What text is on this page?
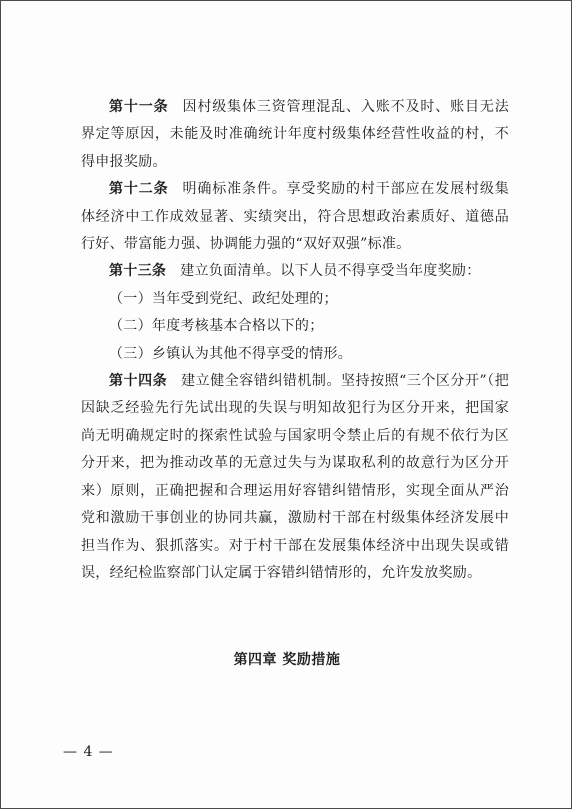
第十一条 因村级集体三资管理混乱、入账不及时、账目无法界定等原因，未能及时准确统计年度村级集体经营性收益的村，不得申报奖励。

第十二条 明确标准条件。享受奖励的村干部应在发展村级集体经济中工作成效显著、实绩突出，符合思想政治素质好、道德品行好、带富能力强、协调能力强的“双好双强”标准。

第十三条 建立负面清单。以下人员不得享受当年度奖励：

（一）当年受到党纪、政纪处理的；

（二）年度考核基本合格以下的；

（三）乡镇认为其他不得享受的情形。

第十四条 建立健全容错纠错机制。坚持按照“三个区分开”（把因缺乏经验先行先试出现的失误与明知故犯行为区分开来，把国家尚无明确规定时的探索性试验与国家明令禁止后的有规不依行为区分开来，把为推动改革的无意过失与为谋取私利的故意行为区分开来）原则，正确把握和合理运用好容错纠错情形，实现全面从严治党和激励干事创业的协同共赢，激励村干部在村级集体经济发展中担当作为、狠抓落实。对于村干部在发展集体经济中出现失误或错误，经纪检监察部门认定属于容错纠错情形的，允许发放奖励。

第四章 奖励措施
— 4 —
